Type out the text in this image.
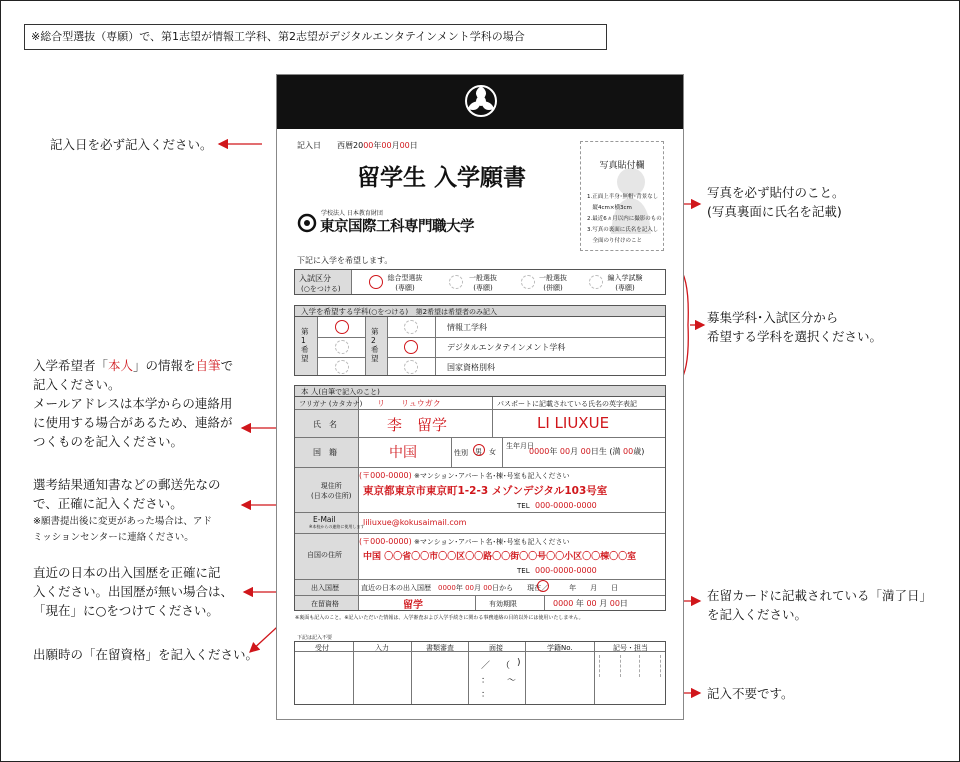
※総合型選抜（専願）で、第1志望が情報工学科、第2志望がデジタルエンタテインメント学科の場合
記入日を必ず記入ください。
入学希望者「本人」の情報を自筆で
記入ください。
メールアドレスは本学からの連絡用
に使用する場合があるため、連絡が
つくものを記入ください。
選考結果通知書などの郵送先なの
で、正確に記入ください。
※願書提出後に変更があった場合は、アド
ミッションセンターに連絡ください。
直近の日本の出入国歴を正確に記
入ください。出国歴が無い場合は、
「現在」に○をつけてください。
出願時の「在留資格」を記入ください。
写真を必ず貼付のこと。
(写真裏面に氏名を記載)
募集学科･入試区分から
希望する学科を選択ください。
在留カードに記載されている「満了日」
を記入ください。
記入不要です。
記入日 西暦2000年00月00日
留学生 入学願書
学校法人 日本教育財団
東京国際工科専門職大学
写真貼付欄
1.正面上半身･無帽･背景なし
　縦4cm×横3cm
2.最近6ヵ月以内に撮影のもの
3.写真の裏面に氏名を記入し
　全面のり付けのこと
下記に入学を希望します。
入試区分
(○をつける)
総合型選抜
(専願)
一般選抜
(専願)
一般選抜
(併願)
編入学試験
(専願)
入学を希望する学科(○をつける)　 第2希望は希望者のみ記入
第1希望
第2希望
情報工学科
デジタルエンタテインメント学科
国家資格別科
本 人(自筆で記入のこと)
フリガナ (カタカナ) リ　　リュウガク	パスポートに記載されている氏名の英字表記
氏　名	李　留学	LI LIUXUE
国　籍	中国	性別 男 女
生年月日
0000年 00月 00日生 (満 00歳)
現住所
(日本の住所)
(〒000-0000) ※マンション･アパート名･棟･号室も記入ください
東京都東京市東京町1-2-3 メゾンデジタル103号室
TEL 000-0000-0000
E-Mail
※本校からの連絡に使用します
liliuxue@kokusaimail.com
自国の住所
(〒000-0000) ※マンション･アパート名･棟･号室も記入ください
中国 〇〇省〇〇市〇〇区〇〇路〇〇街〇〇号〇〇小区〇〇棟〇〇室
TEL 000-0000-0000
出入国歴	直近の日本の出入国歴　 0000年 00月 00日から　　 現在／　　　	年　　 月　　 日
在留資格	留学	有効期限	0000 年 00 月 00日
※裏面も記入のこと。※記入いただいた情報は、入学審査および入学手続きに関わる事務連絡の目的以外には使用いたしません。
下記は記入不要
受付	入力	書類審査	面接	学籍No.	記号・担当
／ （ )
： ～
：
